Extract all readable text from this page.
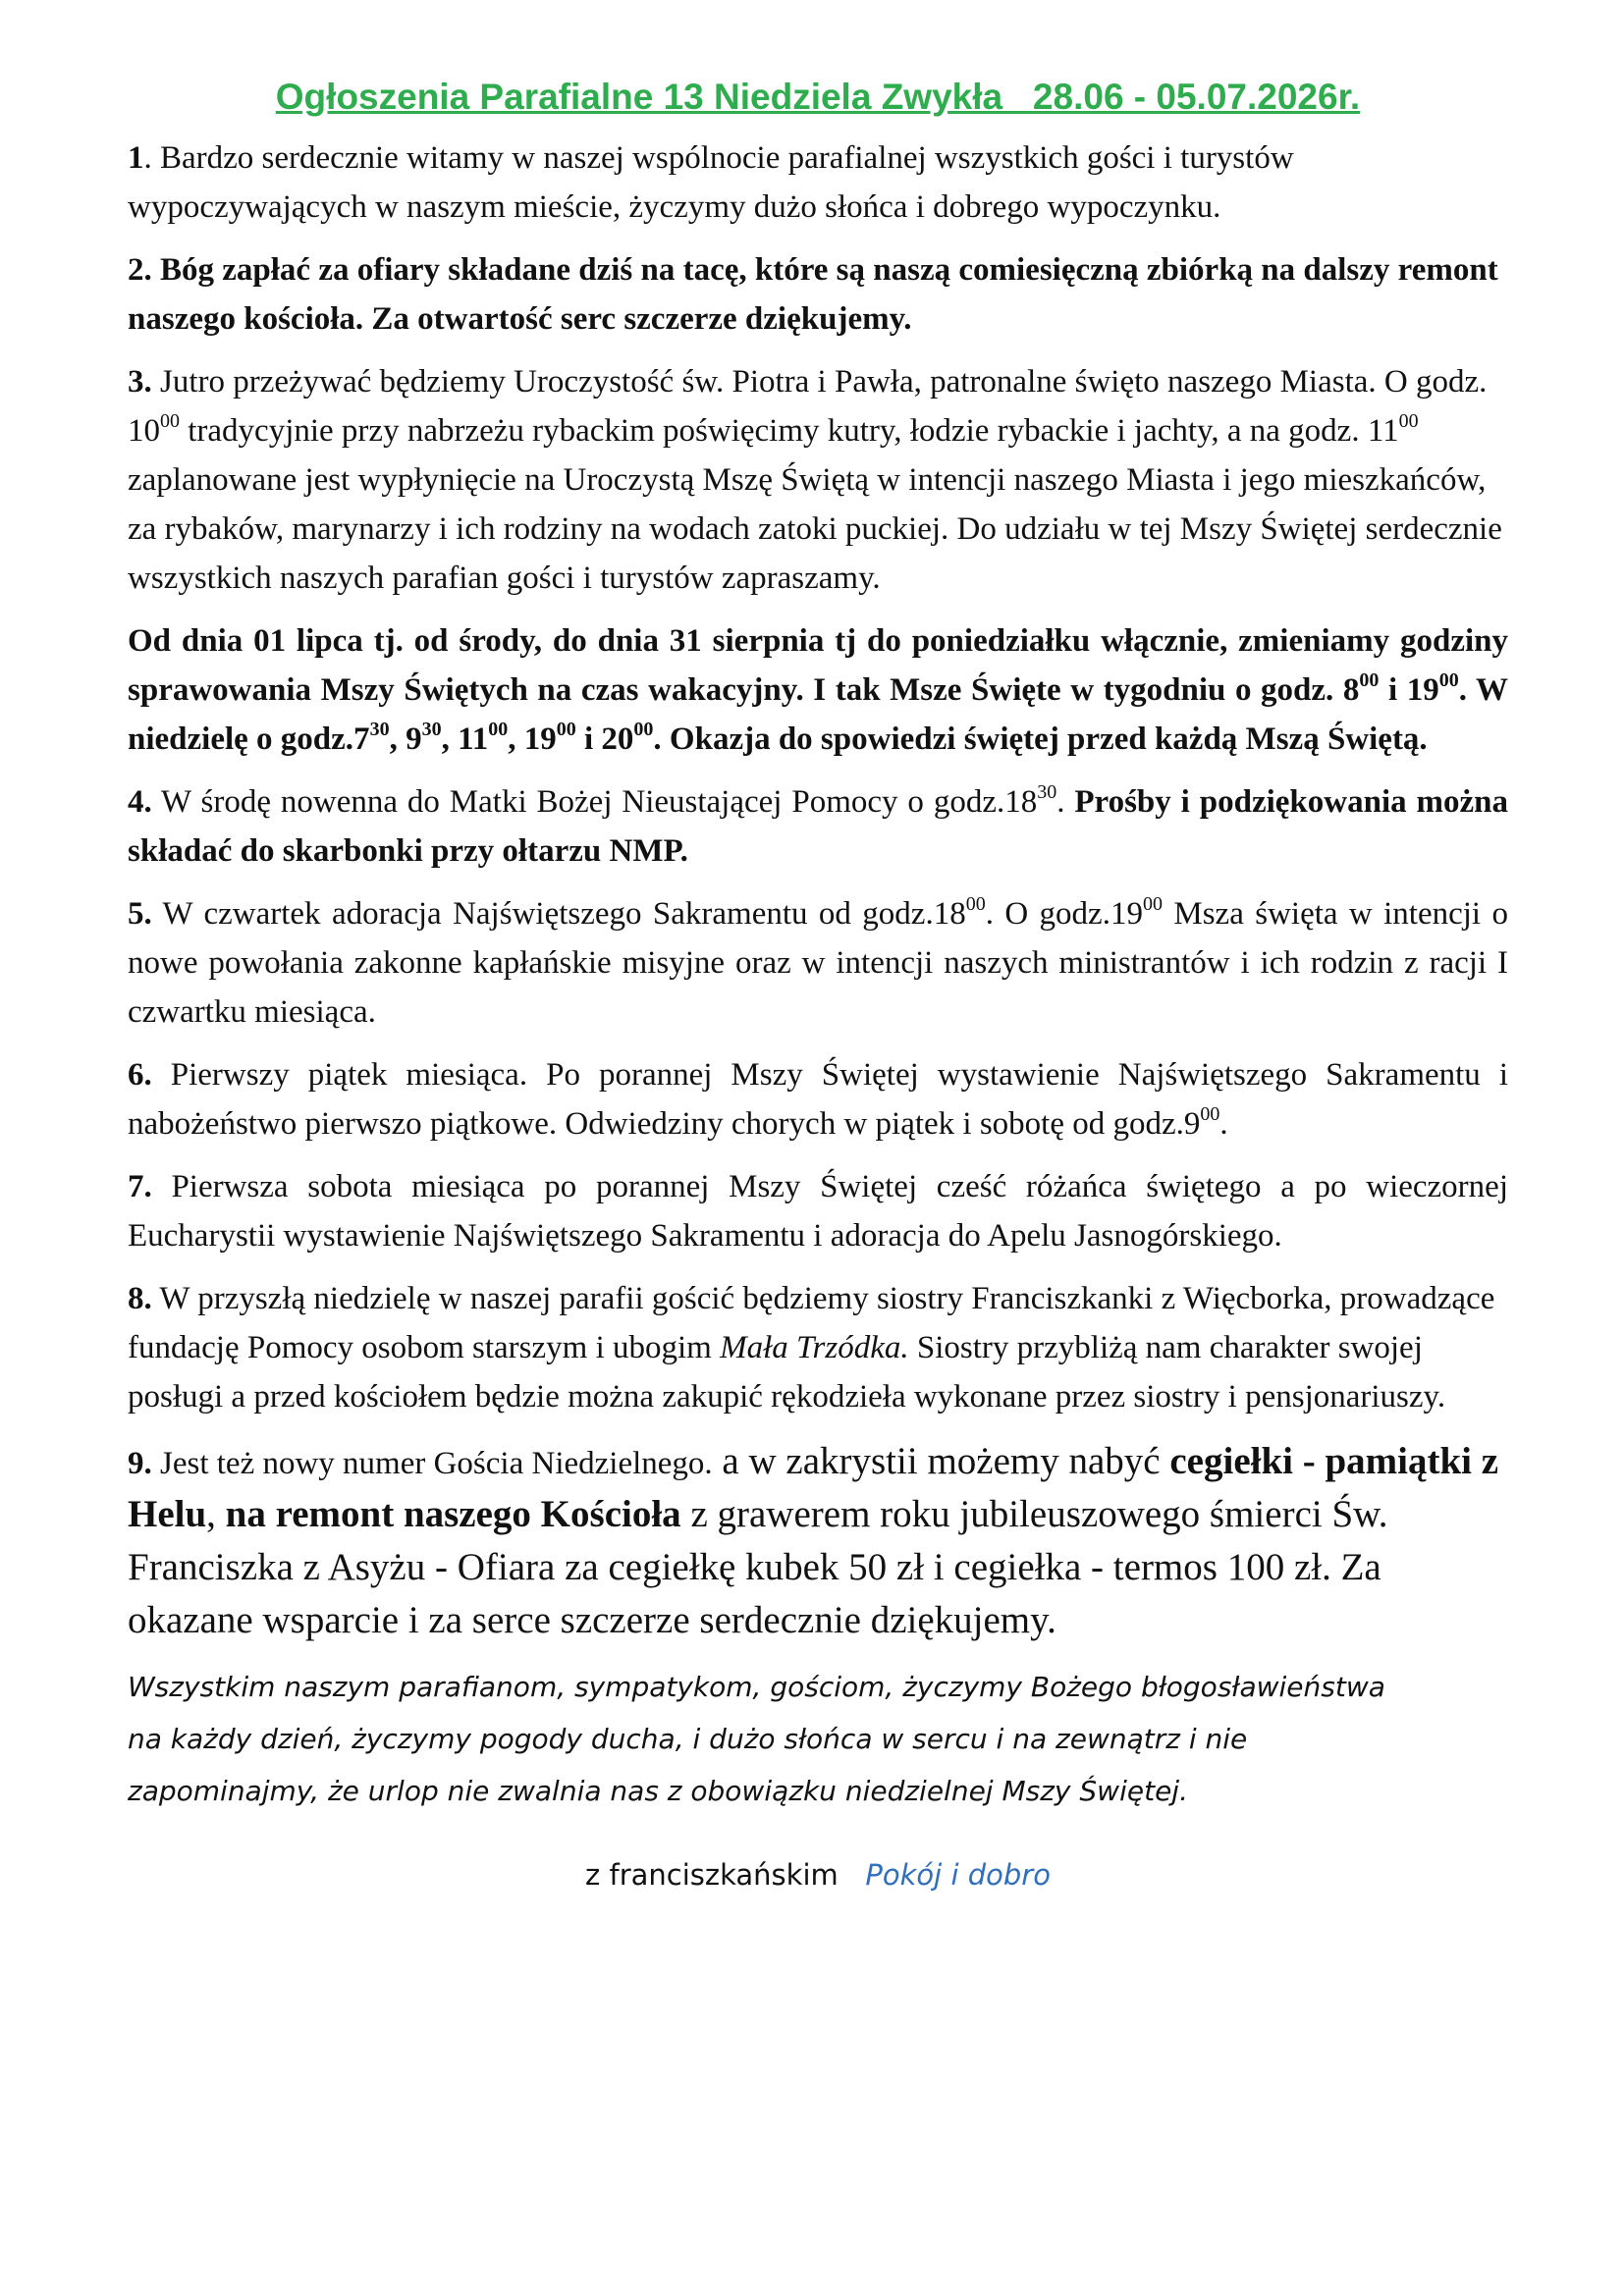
Ogłoszenia Parafialne 13 Niedziela Zwykła   28.06 - 05.07.2026r.

1. Bardzo serdecznie witamy w naszej wspólnocie parafialnej wszystkich gości i turystów wypoczywających w naszym mieście, życzymy dużo słońca i dobrego wypoczynku.

2. Bóg zapłać za ofiary składane dziś na tacę, które są naszą comiesięczną zbiórką na dalszy remont naszego kościoła. Za otwartość serc szczerze dziękujemy.

3. Jutro przeżywać będziemy Uroczystość św. Piotra i Pawła, patronalne święto naszego Miasta. O godz. $10^{00}$ tradycyjnie przy nabrzeżu rybackim poświęcimy kutry, łodzie rybackie i jachty, a na godz. $11^{00}$ zaplanowane jest wypłynięcie na Uroczystą Mszę Świętą w intencji naszego Miasta i jego mieszkańców, za rybaków, marynarzy i ich rodziny na wodach zatoki puckiej. Do udziału w tej Mszy Świętej serdecznie wszystkich naszych parafian gości i turystów zapraszamy.

Od dnia 01 lipca tj. od środy, do dnia 31 sierpnia tj do poniedziałku włącznie, zmieniamy godziny sprawowania Mszy Świętych na czas wakacyjny. I tak Msze Święte w tygodniu o godz. $8^{00}$ i $19^{00}$. W niedzielę o $godz.7^{30}$, $9^{30}$, $11^{00}$, $19^{00}$ i $20^{00}$. Okazja do spowiedzi świętej przed każdą Mszą Świętą.

4. W środę nowenna do Matki Bożej Nieustającej Pomocy o $godz.18^{30}$. Prośby i podziękowania można składać do skarbonki przy ołtarzu NMP.

5. W czwartek adoracja Najświętszego Sakramentu od $godz.18^{00}$. O $godz.19^{00}$ Msza święta w intencji o nowe powołania zakonne kapłańskie misyjne oraz w intencji naszych ministrantów i ich rodzin z racji I czwartku miesiąca.

6. Pierwszy piątek miesiąca. Po porannej Mszy Świętej wystawienie Najświętszego Sakramentu i nabożeństwo pierwszo piątkowe. Odwiedziny chorych w piątek i sobotę od $godz.9^{00}$.

7. Pierwsza sobota miesiąca po porannej Mszy Świętej cześć różańca świętego a po wieczornej Eucharystii wystawienie Najświętszego Sakramentu i adoracja do Apelu Jasnogórskiego.

8. W przyszłą niedzielę w naszej parafii gościć będziemy siostry Franciszkanki z Więcborka, prowadzące fundację Pomocy osobom starszym i ubogim Mała Trzódka. Siostry przybliżą nam charakter swojej posługi a przed kościołem będzie można zakupić rękodzieła wykonane przez siostry i pensjonariuszy.

9. Jest też nowy numer Gościa Niedzielnego. a w zakrystii możemy nabyć cegiełki - pamiątki z Helu, na remont naszego Kościoła z grawerem roku jubileuszowego śmierci Św. Franciszka z Asyżu - Ofiara za cegiełkę kubek 50 zł i cegiełka - termos 100 zł. Za okazane wsparcie i za serce szczerze serdecznie dziękujemy.

Wszystkim naszym parafianom, sympatykom, gościom, życzymy Bożego błogosławieństwa
na każdy dzień, życzymy pogody ducha, i dużo słońca w sercu i na zewnątrz i nie
zapominajmy, że urlop nie zwalnia nas z obowiązku niedzielnej Mszy Świętej.
z franciszkańskim Pokój i dobro
